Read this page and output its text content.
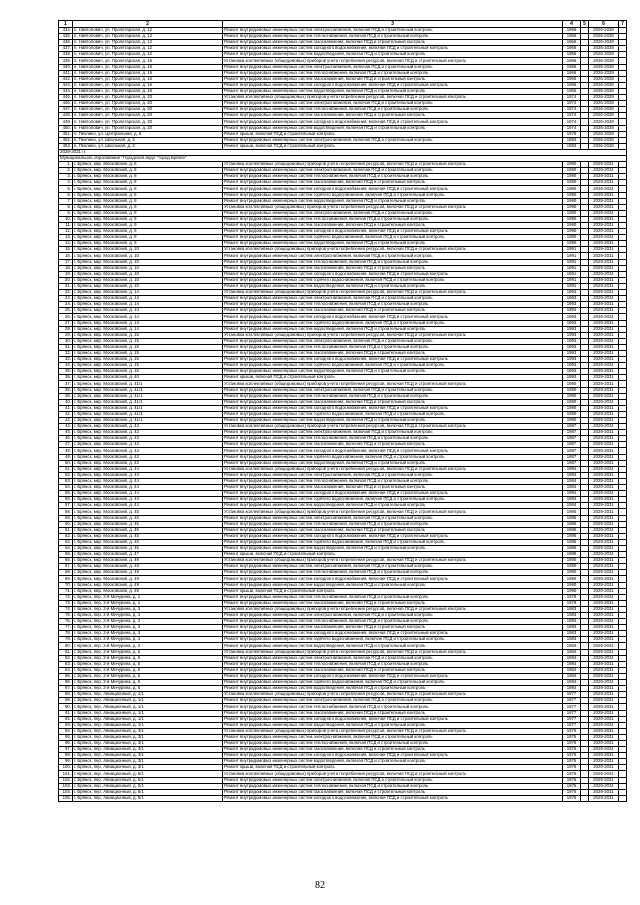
1	2	3	4	5	6	7
434.	п. Найтопович, ул. Пролетарская, д. 12	Ремонт внутридомовых инженерных систем электроснабжения, включая ПСД и строительный контроль	1966		2026-2028	
435.	п. Найтопович, ул. Пролетарская, д. 12	Ремонт внутридомовых инженерных систем теплоснабжения, включая ПСД и строительный контроль	1966		2026-2028	
436.	п. Найтопович, ул. Пролетарская, д. 12	Ремонт внутридомовых инженерных систем газоснабжения, включая ПСД и строительный контроль	1966		2026-2028	
437.	п. Найтопович, ул. Пролетарская, д. 12	Ремонт внутридомовых инженерных систем холодного водоснабжения, включая ПСД и строительный контроль	1966		2026-2028	
438.	п. Найтопович, ул. Пролетарская, д. 12	Ремонт внутридомовых инженерных систем водоотведения, включая ПСД и строительный контроль	1966		2026-2028	
439.	п. Найтопович, ул. Пролетарская, д. 16	Установка коллективных (общедомовых) приборов учета потребления ресурсов, включая ПСД и строительный контроль	1966		2026-2028	
440.	п. Найтопович, ул. Пролетарская, д. 16	Ремонт внутридомовых инженерных систем электроснабжения, включая ПСД и строительный контроль	1966		2026-2028	
441.	п. Найтопович, ул. Пролетарская, д. 16	Ремонт внутридомовых инженерных систем теплоснабжения, включая ПСД и строительный контроль	1966		2026-2028	
442.	п. Найтопович, ул. Пролетарская, д. 16	Ремонт внутридомовых инженерных систем газоснабжения, включая ПСД и строительный контроль	1966		2026-2028	
443.	п. Найтопович, ул. Пролетарская, д. 16	Ремонт внутридомовых инженерных систем холодного водоснабжения, включая ПСД и строительный контроль	1966		2026-2028	
444.	п. Найтопович, ул. Пролетарская, д. 16	Ремонт внутридомовых инженерных систем водоотведения, включая ПСД и строительный контроль	1966		2026-2028	
445.	п. Найтопович, ул. Пролетарская, д. 20	Установка коллективных (общедомовых) приборов учета потребления ресурсов, включая ПСД и строительный контроль	1974		2026-2028	
446.	п. Найтопович, ул. Пролетарская, д. 20	Ремонт внутридомовых инженерных систем электроснабжения, включая ПСД и строительный контроль	1974		2026-2028	
447.	п. Найтопович, ул. Пролетарская, д. 20	Ремонт внутридомовых инженерных систем теплоснабжения, включая ПСД и строительный контроль	1974		2026-2028	
448.	п. Найтопович, ул. Пролетарская, д. 20	Ремонт внутридомовых инженерных систем газоснабжения, включая ПСД и строительный контроль	1974		2026-2028	
449.	п. Найтопович, ул. Пролетарская, д. 20	Ремонт внутридомовых инженерных систем холодного водоснабжения, включая ПСД и строительный контроль	1974		2026-2028	
450.	п. Найтопович, ул. Пролетарская, д. 20	Ремонт внутридомовых инженерных систем водоотведения, включая ПСД и строительный контроль	1974		2026-2028	
451.	п. Пеклино, ул. Центральная, д. 8	Ремонт крыши, включая ПСД и строительный контроль	1976		2026-2028	
452.	п. Пеклино, ул. Школьная, д. 2	Ремонт внутридомовых инженерных систем электроснабжения, включая ПСД и строительный контроль	1983		2026-2028	
453.	п. Пеклино, ул. Школьная, д. 2	Ремонт крыши, включая ПСД и строительный контроль	1983		2026-2028	
2029-2031 гг.						
Муниципальное образование "Городской округ "город Брянск"						
1.	г. Брянск, мкр. Московский, д. 8	Установка коллективных (общедомовых) приборов учета потребления ресурсов, включая ПСД и строительный контроль	1990		2029-2031	
2.	г. Брянск, мкр. Московский, д. 8	Ремонт внутридомовых инженерных систем электроснабжения, включая ПСД и строительный контроль	1990		2029-2031	
3.	г. Брянск, мкр. Московский, д. 8	Ремонт внутридомовых инженерных систем теплоснабжения, включая ПСД и строительный контроль	1990		2029-2031	
4.	г. Брянск, мкр. Московский, д. 8	Ремонт внутридомовых инженерных систем газоснабжения, включая ПСД и строительный контроль	1990		2029-2031	
5.	г. Брянск, мкр. Московский, д. 8	Ремонт внутридомовых инженерных систем холодного водоснабжения, включая ПСД и строительный контроль	1990		2029-2031	
6.	г. Брянск, мкр. Московский, д. 8	Ремонт внутридомовых инженерных систем горячего водоснабжения, включая ПСД и строительный контроль	1990		2029-2031	
7.	г. Брянск, мкр. Московский, д. 8	Ремонт внутридомовых инженерных систем водоотведения, включая ПСД и строительный контроль	1990		2029-2031	
8.	г. Брянск, мкр. Московский, д. 9	Установка коллективных (общедомовых) приборов учета потребления ресурсов, включая ПСД и строительный контроль	1990		2029-2031	
9.	г. Брянск, мкр. Московский, д. 9	Ремонт внутридомовых инженерных систем электроснабжения, включая ПСД и строительный контроль	1990		2029-2031	
10.	г. Брянск, мкр. Московский, д. 9	Ремонт внутридомовых инженерных систем теплоснабжения, включая ПСД и строительный контроль	1990		2029-2031	
11.	г. Брянск, мкр. Московский, д. 9	Ремонт внутридомовых инженерных систем газоснабжения, включая ПСД и строительный контроль	1990		2029-2031	
12.	г. Брянск, мкр. Московский, д. 9	Ремонт внутридомовых инженерных систем холодного водоснабжения, включая ПСД и строительный контроль	1990		2029-2031	
13.	г. Брянск, мкр. Московский, д. 9	Ремонт внутридомовых инженерных систем горячего водоснабжения, включая ПСД и строительный контроль	1990		2029-2031	
14.	г. Брянск, мкр. Московский, д. 9	Ремонт внутридомовых инженерных систем водоотведения, включая ПСД и строительный контроль	1990		2029-2031	
15.	г. Брянск, мкр. Московский, д. 10	Установка коллективных (общедомовых) приборов учета потребления ресурсов, включая ПСД и строительный контроль	1991		2029-2031	
16.	г. Брянск, мкр. Московский, д. 10	Ремонт внутридомовых инженерных систем электроснабжения, включая ПСД и строительный контроль	1991		2029-2031	
17.	г. Брянск, мкр. Московский, д. 10	Ремонт внутридомовых инженерных систем теплоснабжения, включая ПСД и строительный контроль	1991		2029-2031	
18.	г. Брянск, мкр. Московский, д. 10	Ремонт внутридомовых инженерных систем газоснабжения, включая ПСД и строительный контроль	1991		2029-2031	
19.	г. Брянск, мкр. Московский, д. 10	Ремонт внутридомовых инженерных систем холодного водоснабжения, включая ПСД и строительный контроль	1991		2029-2031	
20.	г. Брянск, мкр. Московский, д. 10	Ремонт внутридомовых инженерных систем горячего водоснабжения, включая ПСД и строительный контроль	1991		2029-2031	
21.	г. Брянск, мкр. Московский, д. 10	Ремонт внутридомовых инженерных систем водоотведения, включая ПСД и строительный контроль	1991		2029-2031	
22.	г. Брянск, мкр. Московский, д. 14	Установка коллективных (общедомовых) приборов учета потребления ресурсов, включая ПСД и строительный контроль	1993		2029-2031	
23.	г. Брянск, мкр. Московский, д. 14	Ремонт внутридомовых инженерных систем электроснабжения, включая ПСД и строительный контроль	1993		2029-2031	
24.	г. Брянск, мкр. Московский, д. 14	Ремонт внутридомовых инженерных систем теплоснабжения, включая ПСД и строительный контроль	1993		2029-2031	
25.	г. Брянск, мкр. Московский, д. 14	Ремонт внутридомовых инженерных систем газоснабжения, включая ПСД и строительный контроль	1993		2029-2031	
26.	г. Брянск, мкр. Московский, д. 14	Ремонт внутридомовых инженерных систем холодного водоснабжения, включая ПСД и строительный контроль	1993		2029-2031	
27.	г. Брянск, мкр. Московский, д. 14	Ремонт внутридомовых инженерных систем горячего водоснабжения, включая ПСД и строительный контроль	1993		2029-2031	
28.	г. Брянск, мкр. Московский, д. 14	Ремонт внутридомовых инженерных систем водоотведения, включая ПСД и строительный контроль	1993		2029-2031	
29.	г. Брянск, мкр. Московский, д. 15	Установка коллективных (общедомовых) приборов учета потребления ресурсов, включая ПСД и строительный контроль	1993		2029-2031	
30.	г. Брянск, мкр. Московский, д. 15	Ремонт внутридомовых инженерных систем электроснабжения, включая ПСД и строительный контроль	1993		2029-2031	
31.	г. Брянск, мкр. Московский, д. 15	Ремонт внутридомовых инженерных систем теплоснабжения, включая ПСД и строительный контроль	1993		2029-2031	
32.	г. Брянск, мкр. Московский, д. 15	Ремонт внутридомовых инженерных систем газоснабжения, включая ПСД и строительный контроль	1993		2029-2031	
33.	г. Брянск, мкр. Московский, д. 15	Ремонт внутридомовых инженерных систем холодного водоснабжения, включая ПСД и строительный контроль	1993		2029-2031	
34.	г. Брянск, мкр. Московский, д. 15	Ремонт внутридомовых инженерных систем горячего водоснабжения, включая ПСД и строительный контроль	1993		2029-2031	
35.	г. Брянск, мкр. Московский, д. 15	Ремонт внутридомовых инженерных систем водоотведения, включая ПСД и строительный контроль	1993		2029-2031	
36.	г. Брянск, мкр. Московский, д. 40	Ремонт крыши, включая ПСД и строительный контроль	1993		2029-2031	
37.	г. Брянск, мкр. Московский, д. 41/1	Установка коллективных (общедомовых) приборов учета потребления ресурсов, включая ПСД и строительный контроль	1990		2029-2031	
38.	г. Брянск, мкр. Московский, д. 41/1	Ремонт внутридомовых инженерных систем электроснабжения, включая ПСД и строительный контроль	1990		2029-2031	
39.	г. Брянск, мкр. Московский, д. 41/1	Ремонт внутридомовых инженерных систем теплоснабжения, включая ПСД и строительный контроль	1990		2029-2031	
40.	г. Брянск, мкр. Московский, д. 41/1	Ремонт внутридомовых инженерных систем газоснабжения, включая ПСД и строительный контроль	1990		2029-2031	
41.	г. Брянск, мкр. Московский, д. 41/1	Ремонт внутридомовых инженерных систем холодного водоснабжения, включая ПСД и строительный контроль	1990		2029-2031	
42.	г. Брянск, мкр. Московский, д. 41/1	Ремонт внутридомовых инженерных систем горячего водоснабжения, включая ПСД и строительный контроль	1990		2029-2031	
43.	г. Брянск, мкр. Московский, д. 41/1	Ремонт внутридомовых инженерных систем водоотведения, включая ПСД и строительный контроль	1990		2029-2031	
44.	г. Брянск, мкр. Московский, д. 43	Установка коллективных (общедомовых) приборов учета потребления ресурсов, включая ПСД и строительный контроль	1987		2029-2031	
45.	г. Брянск, мкр. Московский, д. 43	Ремонт внутридомовых инженерных систем электроснабжения, включая ПСД и строительный контроль	1987		2029-2031	
46.	г. Брянск, мкр. Московский, д. 43	Ремонт внутридомовых инженерных систем теплоснабжения, включая ПСД и строительный контроль	1987		2029-2031	
47.	г. Брянск, мкр. Московский, д. 43	Ремонт внутридомовых инженерных систем газоснабжения, включая ПСД и строительный контроль	1987		2029-2031	
48.	г. Брянск, мкр. Московский, д. 43	Ремонт внутридомовых инженерных систем холодного водоснабжения, включая ПСД и строительный контроль	1987		2029-2031	
49.	г. Брянск, мкр. Московский, д. 43	Ремонт внутридомовых инженерных систем горячего водоснабжения, включая ПСД и строительный контроль	1987		2029-2031	
50.	г. Брянск, мкр. Московский, д. 43	Ремонт внутридомовых инженерных систем водоотведения, включая ПСД и строительный контроль	1987		2029-2031	
51.	г. Брянск, мкр. Московский, д. 44	Установка коллективных (общедомовых) приборов учета потребления ресурсов, включая ПСД и строительный контроль	1984		2029-2031	
52.	г. Брянск, мкр. Московский, д. 44	Ремонт внутридомовых инженерных систем электроснабжения, включая ПСД и строительный контроль	1984		2029-2031	
53.	г. Брянск, мкр. Московский, д. 44	Ремонт внутридомовых инженерных систем теплоснабжения, включая ПСД и строительный контроль	1984		2029-2031	
54.	г. Брянск, мкр. Московский, д. 44	Ремонт внутридомовых инженерных систем газоснабжения, включая ПСД и строительный контроль	1984		2029-2031	
55.	г. Брянск, мкр. Московский, д. 44	Ремонт внутридомовых инженерных систем холодного водоснабжения, включая ПСД и строительный контроль	1984		2029-2031	
56.	г. Брянск, мкр. Московский, д. 44	Ремонт внутридомовых инженерных систем горячего водоснабжения, включая ПСД и строительный контроль	1984		2029-2031	
57.	г. Брянск, мкр. Московский, д. 44	Ремонт внутридомовых инженерных систем водоотведения, включая ПСД и строительный контроль	1984		2029-2031	
58.	г. Брянск, мкр. Московский, д. 45	Установка коллективных (общедомовых) приборов учета потребления ресурсов, включая ПСД и строительный контроль	1986		2029-2031	
59.	г. Брянск, мкр. Московский, д. 45	Ремонт внутридомовых инженерных систем электроснабжения, включая ПСД и строительный контроль	1986		2029-2031	
60.	г. Брянск, мкр. Московский, д. 45	Ремонт внутридомовых инженерных систем теплоснабжения, включая ПСД и строительный контроль	1986		2029-2031	
61.	г. Брянск, мкр. Московский, д. 45	Ремонт внутридомовых инженерных систем газоснабжения, включая ПСД и строительный контроль	1986		2029-2031	
62.	г. Брянск, мкр. Московский, д. 45	Ремонт внутридомовых инженерных систем холодного водоснабжения, включая ПСД и строительный контроль	1986		2029-2031	
63.	г. Брянск, мкр. Московский, д. 45	Ремонт внутридомовых инженерных систем горячего водоснабжения, включая ПСД и строительный контроль	1986		2029-2031	
64.	г. Брянск, мкр. Московский, д. 45	Ремонт внутридомовых инженерных систем водоотведения, включая ПСД и строительный контроль	1986		2029-2031	
65.	г. Брянск, мкр. Московский, д. 47	Ремонт крыши, включая ПСД и строительный контроль	1989		2029-2031	
66.	г. Брянск, мкр. Московский, д. 49	Установка коллективных (общедомовых) приборов учета потребления ресурсов, включая ПСД и строительный контроль	1990		2029-2031	
67.	г. Брянск, мкр. Московский, д. 49	Ремонт внутридомовых инженерных систем электроснабжения, включая ПСД и строительный контроль	1990		2029-2031	
68.	г. Брянск, мкр. Московский, д. 49	Ремонт внутридомовых инженерных систем теплоснабжения, включая ПСД и строительный контроль	1990		2029-2031	
69.	г. Брянск, мкр. Московский, д. 49	Ремонт внутридомовых инженерных систем холодного водоснабжения, включая ПСД и строительный контроль	1990		2029-2031	
70.	г. Брянск, мкр. Московский, д. 49	Ремонт внутридомовых инженерных систем водоотведения, включая ПСД и строительный контроль	1990		2029-2031	
71.	г. Брянск, мкр. Московский, д. 49	Ремонт крыши, включая ПСД и строительный контроль	1990		2029-2031	
72.	г. Брянск, пер. 2-й Мичурина, д. 1	Ремонт внутридомовых инженерных систем теплоснабжения, включая ПСД и строительный контроль	1979		2029-2031	
73.	г. Брянск, пер. 2-й Мичурина, д. 1	Ремонт внутридомовых инженерных систем газоснабжения, включая ПСД и строительный контроль	1979		2029-2031	
74.	г. Брянск, пер. 2-й Мичурина, д. 3	Установка коллективных (общедомовых) приборов учета потребления ресурсов, включая ПСД и строительный контроль	1983		2029-2031	
75.	г. Брянск, пер. 2-й Мичурина, д. 3	Ремонт внутридомовых инженерных систем электроснабжения, включая ПСД и строительный контроль	1983		2029-2031	
76.	г. Брянск, пер. 2-й Мичурина, д. 3	Ремонт внутридомовых инженерных систем теплоснабжения, включая ПСД и строительный контроль	1983		2029-2031	
77.	г. Брянск, пер. 2-й Мичурина, д. 3	Ремонт внутридомовых инженерных систем газоснабжения, включая ПСД и строительный контроль	1983		2029-2031	
78.	г. Брянск, пер. 2-й Мичурина, д. 3	Ремонт внутридомовых инженерных систем холодного водоснабжения, включая ПСД и строительный контроль	1983		2029-2031	
79.	г. Брянск, пер. 2-й Мичурина, д. 3	Ремонт внутридомовых инженерных систем горячего водоснабжения, включая ПСД и строительный контроль	1983		2029-2031	
80.	г. Брянск, пер. 2-й Мичурина, д. 3	Ремонт внутридомовых инженерных систем водоотведения, включая ПСД и строительный контроль	1983		2029-2031	
81.	г. Брянск, пер. 2-й Мичурина, д. 5	Установка коллективных (общедомовых) приборов учета потребления ресурсов, включая ПСД и строительный контроль	1984		2029-2031	
82.	г. Брянск, пер. 2-й Мичурина, д. 5	Ремонт внутридомовых инженерных систем электроснабжения, включая ПСД и строительный контроль	1984		2029-2031	
83.	г. Брянск, пер. 2-й Мичурина, д. 5	Ремонт внутридомовых инженерных систем теплоснабжения, включая ПСД и строительный контроль	1984		2029-2031	
84.	г. Брянск, пер. 2-й Мичурина, д. 5	Ремонт внутридомовых инженерных систем газоснабжения, включая ПСД и строительный контроль	1984		2029-2031	
85.	г. Брянск, пер. 2-й Мичурина, д. 5	Ремонт внутридомовых инженерных систем холодного водоснабжения, включая ПСД и строительный контроль	1984		2029-2031	
86.	г. Брянск, пер. 2-й Мичурина, д. 5	Ремонт внутридомовых инженерных систем горячего водоснабжения, включая ПСД и строительный контроль	1984		2029-2031	
87.	г. Брянск, пер. 2-й Мичурина, д. 5	Ремонт внутридомовых инженерных систем водоотведения, включая ПСД и строительный контроль	1984		2029-2031	
88.	г. Брянск, пер. Авиационный, д. 1/1	Установка коллективных (общедомовых) приборов учета потребления ресурсов, включая ПСД и строительный контроль	1977		2029-2031	
89.	г. Брянск, пер. Авиационный, д. 1/1	Ремонт внутридомовых инженерных систем электроснабжения, включая ПСД и строительный контроль	1977		2029-2031	
90.	г. Брянск, пер. Авиационный, д. 1/1	Ремонт внутридомовых инженерных систем теплоснабжения, включая ПСД и строительный контроль	1977		2029-2031	
91.	г. Брянск, пер. Авиационный, д. 1/1	Ремонт внутридомовых инженерных систем газоснабжения, включая ПСД и строительный контроль	1977		2029-2031	
92.	г. Брянск, пер. Авиационный, д. 1/1	Ремонт внутридомовых инженерных систем холодного водоснабжения, включая ПСД и строительный контроль	1977		2029-2031	
93.	г. Брянск, пер. Авиационный, д. 1/1	Ремонт внутридомовых инженерных систем водоотведения, включая ПСД и строительный контроль	1977		2029-2031	
94.	г. Брянск, пер. Авиационный, д. 3/1	Установка коллективных (общедомовых) приборов учета потребления ресурсов, включая ПСД и строительный контроль	1976		2029-2031	
95.	г. Брянск, пер. Авиационный, д. 3/1	Ремонт внутридомовых инженерных систем электроснабжения, включая ПСД и строительный контроль	1976		2029-2031	
96.	г. Брянск, пер. Авиационный, д. 3/1	Ремонт внутридомовых инженерных систем теплоснабжения, включая ПСД и строительный контроль	1976		2029-2031	
97.	г. Брянск, пер. Авиационный, д. 3/1	Ремонт внутридомовых инженерных систем газоснабжения, включая ПСД и строительный контроль	1976		2029-2031	
98.	г. Брянск, пер. Авиационный, д. 3/1	Ремонт внутридомовых инженерных систем холодного водоснабжения, включая ПСД и строительный контроль	1976		2029-2031	
99.	г. Брянск, пер. Авиационный, д. 3/1	Ремонт внутридомовых инженерных систем водоотведения, включая ПСД и строительный контроль	1976		2029-2031	
100.	г. Брянск, пер. Авиационный, д. 3/1	Ремонт крыши, включая ПСД и строительный контроль	1976		2029-2031	
101.	г. Брянск, пер. Авиационный, д. 5/1	Установка коллективных (общедомовых) приборов учета потребления ресурсов, включая ПСД и строительный контроль	1976		2029-2031	
102.	г. Брянск, пер. Авиационный, д. 5/1	Ремонт внутридомовых инженерных систем электроснабжения, включая ПСД и строительный контроль	1976		2029-2031	
103.	г. Брянск, пер. Авиационный, д. 5/1	Ремонт внутридомовых инженерных систем теплоснабжения, включая ПСД и строительный контроль	1976		2029-2031	
104.	г. Брянск, пер. Авиационный, д. 5/1	Ремонт внутридомовых инженерных систем газоснабжения, включая ПСД и строительный контроль	1976		2029-2031	
105.	г. Брянск, пер. Авиационный, д. 5/1	Ремонт внутридомовых инженерных систем холодного водоснабжения, включая ПСД и строительный контроль	1976		2029-2031	
82
